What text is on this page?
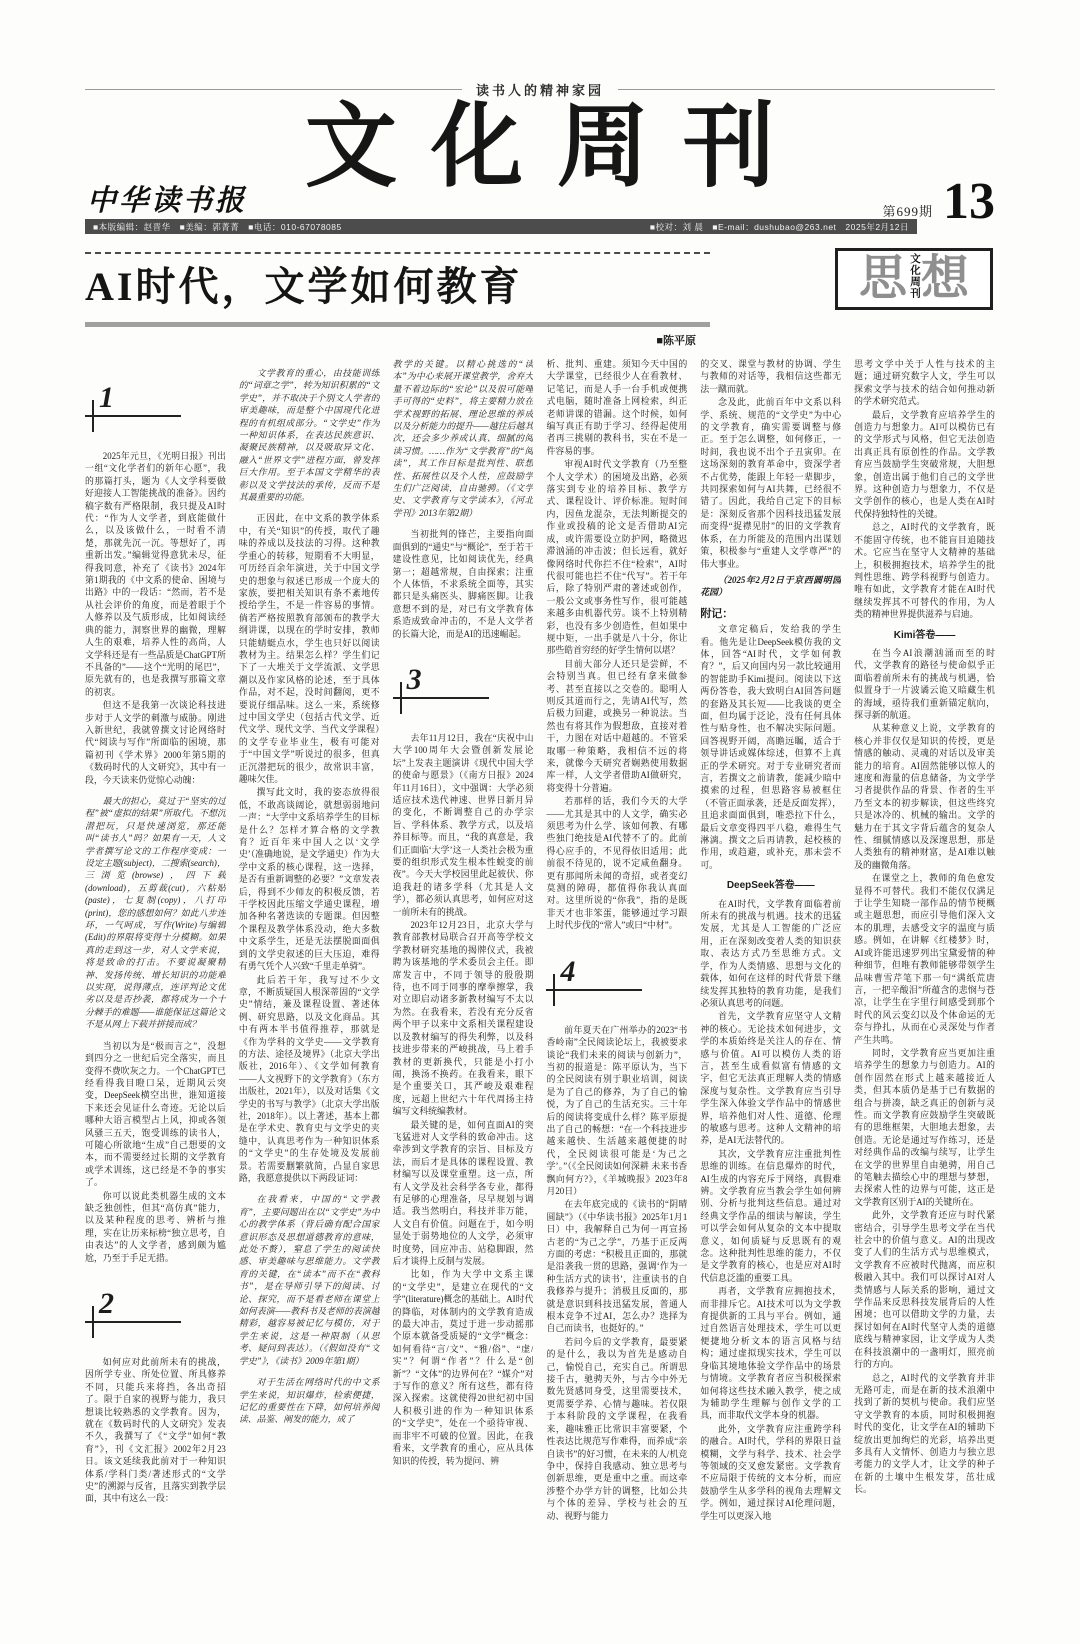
读书人的精神家园
文化周刊
中华读书报	第699期 13
■本版编辑：赵晋华　■美编：郭菁菁　■电话：010-67078085	■校对：刘 晨　■E-mail：dushubao@263.net　2025年2月12日
AI时代，文学如何教育
■陈平原
思 文化周刊 想
1
2025年元旦，《光明日报》刊出一组“文化学者们的新年心愿”，我的那篇打头，题为《人文学科要做好迎接人工智能挑战的准备》。因约稿字数有严格限制，我只提及AI时代：“作为人文学者，到底能做什么，以及该做什么，一时看不清楚，那就先沉一沉。等想好了，再重新出发。”编辑觉得意犹未尽，征得我同意，补充了《读书》2024年第1期我的《中文系的使命、困境与出路》中的一段话：“然而，若不是从社会评价的角度，而是着眼于个人修养以及气质形成，比如阅读经典的能力，洞察世界的幽微，理解人生的艰难，培养人性的高尚，人文学科还是有一些品质是ChatGPT所不具备的”——这个“光明的尾巴”，原先就有的，也是我撰写那篇文章的初衷。
但这不是我第一次谈论科技进步对于人文学的刺激与威胁。刚进入新世纪，我就曾撰文讨论网络时代“阅读与写作”所面临的困境，那篇初刊《学术界》2000年第5期的《数码时代的人文研究》，其中有一段，今天读来仍觉惊心动魄：
最大的担心，莫过于“坚实的过程”被“虚拟的结果”所取代。不想沉潜把玩，只是快速浏览，那还能叫“读书人”吗？如果有一天，人文学者撰写论文的工作程序变成：一设定主题(subject)，二搜索(search)，三浏览(browse)，四下载(download)，五剪裁(cut)，六粘贴(paste)，七复制(copy)，八打印(print)，您的感想如何？如此八步连环，一气呵成，写作(Write)与编辑(Edit)的界限将变得十分模糊。如果真的走到这一步，对人文学来说，将是致命的打击。不要说凝聚精神、发扬传统、增长知识的功能难以实现，说得薄点，连评判论文优劣以及是否抄袭，都将成为一个十分棘手的难题——谁能保证这篇论文不是从网上下载并拼接而成？
当初以为是“极而言之”，没想到四分之一世纪后完全落实，而且变得不费吹灰之力。一个ChatGPT已经看得我目瞪口呆，近期风云突变，DeepSeek横空出世，谁知道接下来还会见证什么奇迹。无论以后哪种大语言模型占上风，抑或各领风骚三五天，饱受训练的读书人，可随心所欲地“生成”自己想要的文本，而不需要经过长期的文学教育或学术训练，这已经是不争的事实了。
你可以说此类机器生成的文本缺乏独创性，但其“高仿真”能力，以及某种程度的思考、辨析与推理，实在让历来标榜“独立思考，自由表达”的人文学者，感到颇为尴尬，乃至于手足无措。
2
如何应对此前所未有的挑战，因所学专业、所处位置、所具修养不同，只能兵来将挡，各出奇招了。限于自家的视野与能力，我只想谈比较熟悉的文学教育。因为，就在《数码时代的人文研究》发表不久，我撰写了《“文学”如何“教育”》，刊《文汇报》2002年2月23日。该文延续我此前对于一种知识体系/学科门类/著述形式的“文学史”的溯源与反省，且落实到教学层面，其中有这么一段：
文学教育的重心，由技能训练的“词章之学”，转为知识积累的“文学史”，并不取决于个别文人学者的审美趣味，而是整个中国现代化进程的有机组成部分。“文学史”作为一种知识体系，在表达民族意识、凝聚民族精神，以及吸取异文化、融入“世界文学”进程方面，曾发挥巨大作用。至于本国文学精华的表彰以及文学技法的承传，反而不是其最重要的功能。
正因此，在中文系的教学体系中，有关“知识”的传授，取代了趣味的养成以及技法的习得。这种教学重心的转移，短期看不大明显，可历经百余年演进，关于中国文学史的想象与叙述已形成一个庞大的家族，要把相关知识有条不紊地传授给学生，不是一件容易的事情。倘若严格按照教育部颁布的教学大纲讲课，以现在的学时安排，教师只能蜻蜓点水，学生也只好以阅读教材为主。结果怎么样？学生们记下了一大堆关于文学流派、文学思潮以及作家风格的论述，至于具体作品，对不起，没时间翻阅，更不要说仔细品味。这么一来，系统修过中国文学史（包括古代文学、近代文学、现代文学、当代文学课程）的文学专业毕业生，极有可能对于“中国文学”听说过的很多，但真正沉潜把玩的很少，故常识丰富，趣味欠佳。
撰写此文时，我的姿态放得很低，不敢高谈阔论，就想弱弱地问一声：“大学中文系培养学生的目标是什么？怎样才算合格的文学教育？近百年来中国人之以‘文学史’（准确地说，是文学通史）作为大学中文系的核心课程，这一选择，是否有重新调整的必要？”文章发表后，得到不少师友的积极反馈，若干学校因此压缩文学通史课程，增加各种名著选读的专题课。但因整个课程及教学体系没动，绝大多数中文系学生，还是无法摆脱面面俱到的文学史叙述的巨大压迫，难得有勇气凭个人兴致“千里走单骑”。
此后若干年，我写过不少文章，不断质疑国人根深蒂固的“文学史”情结，兼及课程设置、著述体例、研究思路，以及文化商品。其中有两本半书值得推荐，那就是《作为学科的文学史——文学教育的方法、途径及境界》（北京大学出版社，2016年）、《文学如何教育——人文视野下的文学教育》（东方出版社，2021年），以及对话集《文学史的书写与教学》（北京大学出版社，2018年）。以上著述，基本上都是在学术史、教育史与文学史的夹缝中，认真思考作为一种知识体系的“文学史”的生存处境及发展前景。若需要删繁就简，凸显自家思路，我愿意提供以下两段证词：
在我看来，中国的“文学教育”，主要问题出在以“文学史”为中心的教学体系（背后确有配合国家意识形态及思想道德教育的意味，此处不赘），窒息了学生的阅读快感、审美趣味与思维能力。文学教育的关键，在“读本”而不在“教科书”，是在导师引导下的阅读、讨论、探究，而不是看老师在课堂上如何表演——教科书及老师的表演越精彩，越容易被记忆与模仿，对于学生来说，这是一种限制（从思考、疑问到表达）。（《假如没有“文学史”》，《读书》2009年第1期）
对于生活在网络时代的中文系学生来说，知识爆炸，检索便捷，记忆的重要性在下降，如何培养阅读、品鉴、阐发的能力，成了
教学的关键。以精心挑选的“读本”为中心来展开课堂教学，舍弃大量不着边际的“宏论”以及很可能唾手可得的“史料”，将主要精力放在学术视野的拓展、理论思维的养成以及分析能力的提升——越往后越其次，还会多少养成认真、细腻的阅读习惯。……作为“文学教育”的“阅读”，其工作目标是批判性、联想性、拓展性以及个人性，应鼓励学生们广泛阅读，自由驰骋。（《文学史、文学教育与文学读本》，《河北学刊》2013年第2期）
当初批判的锋芒，主要指向面面俱到的“通史”与“概论”，至于若干建设性意见，比如阅读优先，经典第一；超越常规，自由探索；注重个人体悟，不求系统全面等，其实都只是头痛医头、脚痛医脚。让我意想不到的是，对已有文学教育体系造成致命冲击的，不是人文学者的长篇大论，而是AI的迅速崛起。
3
去年11月12日，我在“庆祝中山大学100周年大会暨创新发展论坛”上发表主题演讲《现代中国大学的使命与愿景》（《南方日报》2024年11月16日），文中强调：大学必须适应技术迭代神速、世界日新月异的变化，不断调整自己的办学宗旨、学科体系、教学方式，以及培养目标等。而且，“我的真意是，我们正面临‘大学’这一人类社会极为重要的组织形式发生根本性蜕变的前夜”。今天大学校园里此起彼伏、你追我赶的诸多学科（尤其是人文学），都必须认真思考，如何应对这一前所未有的挑战。
2023年12月23日，北京大学与教育部教材局联合召开高等学校文学教材研究基地的揭牌仪式，我被聘为该基地的学术委员会主任。即席发言中，不同于领导的殷殷期待，也不同于同事的摩拳擦掌，我对立即启动诸多新教材编写不太以为然。在我看来，若没有充分反省两个甲子以来中文系相关课程建设以及教材编写的得失利弊，以及科技进步带来的严峻挑战，马上着手教材的更新换代，只能是小打小闹，换汤不换药。在我看来，眼下是个重要关口，其严峻及艰难程度，远超上世纪六十年代周扬主持编写文科统编教材。
最关键的是，如何直面AI的突飞猛进对人文学科的致命冲击。这牵涉到文学教育的宗旨、目标及方法，而后才是具体的课程设置、教材编写以及课堂重塑。这一点，所有人文学及社会科学各专业，都得有足够的心理准备，尽早规划与调适。我当然明白，科技并非万能，人文自有价值。问题在于，如今明显处于弱势地位的人文学，必须审时度势，回应冲击、站稳脚跟，然后才谈得上反制与发展。
比如，作为大学中文系主课的“文学史”，是建立在现代的“文学”(literature)概念的基础上。AI时代的降临，对体制内的文学教育造成的最大冲击，莫过于进一步动摇那个原本就备受质疑的“文学”概念：如何看待“言/文”、“雅/俗”、“虚/实”？何谓“作者”？什么是“创新”？“文体”的边界何在？“媒介”对于写作的意义？所有这些，都有待深入探索。这就使得20世纪初中国人积极引进的作为一种知识体系的“文学史”，处在一个亟待审视、而非牢不可破的位置。因此，在我看来，文学教育的重心，应从具体知识的传授，转为提问、辨
析、批判、重建。须知今天中国的大学课堂，已经很少人在看教材、记笔记，而是人手一台手机或便携式电脑，随时准备上网检索，纠正老师讲课的错漏。这个时候，如何编写真正有助于学习、经得起使用者再三挑剔的教科书，实在不是一件容易的事。
审视AI时代文学教育（乃至整个人文学术）的困境及出路，必须落实到专业的培养目标、教学方式、课程设计、评价标准。短时间内，因鱼龙混杂，无法判断提交的作业或投稿的论文是否借助AI完成，或许需要设立防护网，略微迟滞汹涌的冲击波；但长远看，就好像网络时代你拦不住“检索”，AI时代很可能也拦不住“代写”。若干年后，除了特别严肃的著述或创作，一般公文或事务性写作，很可能越来越多由机器代劳。谈不上特别精彩，也没有多少创造性，但如果中规中矩，一出手就是八十分，你让那些皓首穷经的好学生情何以堪？
目前大部分人还只是尝鲜，不会特别当真。但已经有拿来做参考、甚至直接以之交卷的。聪明人则反其道而行之，先请AI代写，然后极力回避，或换另一种说法。当然也有将其作为假想敌，直接对着干，力图在对话中超越的。不管采取哪一种策略，我相信不远的将来，就像今天研究者娴熟使用数据库一样，人文学者借助AI做研究，将变得十分普遍。
若那样的话，我们今天的大学——尤其是其中的人文学，确实必须思考为什么学、该如何教、有哪些独门绝技是AI代替不了的。此前得心应手的，不见得依旧适用；此前很不待见的，说不定咸鱼翻身。更有那闻所未闻的奇招，或者变幻莫测的障碍，都值得你我认真面对。这里所说的“你我”，指的是既非天才也非笨蛋，能够通过学习跟上时代步伐的“常人”或曰“中材”。
4
前年夏天在广州举办的2023“书香岭南”全民阅读论坛上，我被要求谈论“我们未来的阅读与创新力”，当初的报道是：陈平原认为，当下的全民阅读有别于职业培训，阅读是为了自己的修养，为了自己的愉悦，为了自己的生活充实。三十年后的阅读将变成什么样？陈平原提出了自己的畅想：“在一个科技进步越来越快、生活越来越便捷的时代，全民阅读很可能是‘为己之学’。”（《全民阅读如何深耕 未来书香飘向何方?》，《羊城晚报》2023年8月20日）
在去年底完成的《读书的“阴晴圆缺”》（《中华读书报》2025年1月1日）中，我解释自己为何一再宣扬古老的“为己之学”，乃基于正反两方面的考虑：“积极且正面的，那就是沿袭我一贯的思路，强调‘作为一种生活方式的读书’，注重读书的自我修养与提升；消极且反面的，那就是意识到科技迅猛发展，普通人根本竞争不过AI，怎么办？选择为自己而读书，也挺好的。”
若问今后的文学教育，最要紧的是什么，我以为首先是感动自己，愉悦自己，充实自己。所谓思接千古，驰骋天外，与古今中外无数先贤感同身受，这里需要技术，更需要学养、心情与趣味。若仅限于本科阶段的文学课程，在我看来，趣味雅正比常识丰富要紧，个性表达比规范写作难得，而养成“亲自读书”的好习惯，在未来的人/机竞争中，保持自我感动、独立思考与创新思维，更是重中之重。而这牵涉整个办学方针的调整，比如公共与个体的差异、学校与社会的互动、视野与能力
的交叉、课堂与教材的协调、学生与教师的对话等，我相信这些都无法一蹴而就。
念及此，此前百年中文系以科学、系统、规范的“文学史”为中心的文学教育，确实需要调整与修正。至于怎么调整，如何修正，一时间，我也说不出个子丑寅卯。在这场深刻的教育革命中，资深学者不占优势，能跟上年轻一辈脚步，共同探索如何与AI共舞，已经很不错了。因此，我给自己定下的目标是：深刻反省那个因科技迅猛发展而变得“捉襟见肘”的旧的文学教育体系，在力所能及的范围内出谋划策，积极参与“重建人文学尊严”的伟大事业。
（2025年2月2日于京西圆明园花园）
附记：
文章定稿后，发给我的学生看。他先是让DeepSeek模仿我的文体，回答“AI时代，文学如何教育？”，后又向国内另一款比较通用的智能助手Kimi提问。阅读以下这两份答卷，我大致明白AI回答问题的套路及其长短——比我谈的更全面，但均属于泛论，没有任何具体性与贴身性，也不解决实际问题。回答视野开阔，高瞻远瞩，适合于领导讲话或媒体综述，但算不上真正的学术研究。对于专业研究者而言，若撰文之前请教，能减少暗中摸索的过程，但思路容易被框住（不管正面承袭，还是反面发挥），且追求面面俱到，唯恐拉下什么，最后文章变得四平八稳，难得生气淋漓。撰文之后再请教，起校核的作用，或趋避，或补充，那未尝不可。
DeepSeek答卷——
在AI时代，文学教育面临着前所未有的挑战与机遇。技术的迅猛发展，尤其是人工智能的广泛应用，正在深刻改变着人类的知识获取、表达方式乃至思维方式。文学，作为人类情感、思想与文化的载体，如何在这样的时代背景下继续发挥其独特的教育功能，是我们必须认真思考的问题。
首先，文学教育应坚守人文精神的核心。无论技术如何进步，文学的本质始终是关注人的存在、情感与价值。AI可以模仿人类的语言，甚至生成看似富有情感的文字，但它无法真正理解人类的情感深度与复杂性。文学教育应当引导学生深入体验文学作品中的情感世界，培养他们对人性、道德、伦理的敏感与思考。这种人文精神的培养，是AI无法替代的。
其次，文学教育应注重批判性思维的训练。在信息爆炸的时代，AI生成的内容充斥于网络，真假难辨。文学教育应当教会学生如何辨别、分析与批判这些信息。通过对经典文学作品的细读与解读，学生可以学会如何从复杂的文本中提取意义，如何质疑与反思既有的观念。这种批判性思维的能力，不仅是文学教育的核心，也是应对AI时代信息泛滥的重要工具。
再者，文学教育应拥抱技术，而非排斥它。AI技术可以为文学教育提供新的工具与平台。例如，通过自然语言处理技术，学生可以更便捷地分析文本的语言风格与结构；通过虚拟现实技术，学生可以身临其境地体验文学作品中的场景与情境。文学教育者应当积极探索如何将这些技术融入教学，使之成为辅助学生理解与创作文学的工具，而非取代文学本身的机器。
此外，文学教育应注重跨学科的融合。AI时代，学科的界限日益模糊，文学与科学、技术、社会学等领域的交叉愈发紧密。文学教育不应局限于传统的文本分析，而应鼓励学生从多学科的视角去理解文学。例如，通过探讨AI伦理问题，学生可以更深入地
思考文学中关于人性与技术的主题；通过研究数字人文，学生可以探索文学与技术的结合如何推动新的学术研究范式。
最后，文学教育应培养学生的创造力与想象力。AI可以模仿已有的文学形式与风格，但它无法创造出真正具有原创性的作品。文学教育应当鼓励学生突破常规，大胆想象，创造出属于他们自己的文学世界。这种创造力与想象力，不仅是文学创作的核心，也是人类在AI时代保持独特性的关键。
总之，AI时代的文学教育，既不能固守传统，也不能盲目追随技术。它应当在坚守人文精神的基础上，积极拥抱技术，培养学生的批判性思维、跨学科视野与创造力。唯有如此，文学教育才能在AI时代继续发挥其不可替代的作用，为人类的精神世界提供滋养与启迪。
Kimi答卷——
在当今AI浪潮汹涌而至的时代，文学教育的路径与使命似乎正面临着前所未有的挑战与机遇，恰似置身于一片波谲云诡又暗藏生机的海域，亟待我们重新锚定航向，探寻新的航道。
从某种意义上说，文学教育的核心并非仅仅是知识的传授，更是情感的触动、灵魂的对话以及审美能力的培育。AI固然能够以惊人的速度和海量的信息储备，为文学学习者提供作品的背景、作者的生平乃至文本的初步解读，但这些终究只是冰冷的、机械的输出。文学的魅力在于其文字背后蕴含的复杂人性、细腻情感以及深邃思想，那是人类独有的精神财富，是AI难以触及的幽微角落。
在课堂之上，教师的角色愈发显得不可替代。我们不能仅仅满足于让学生知晓一部作品的情节梗概或主题思想，而应引导他们深入文本的肌理，去感受文字的温度与质感。例如，在讲解《红楼梦》时，AI或许能迅速罗列出宝黛爱情的种种细节，但唯有教师能够带领学生品味曹雪芹笔下那一句“满纸荒唐言，一把辛酸泪”所蕴含的悲悯与苍凉，让学生在字里行间感受到那个时代的风云变幻以及个体命运的无奈与挣扎，从而在心灵深处与作者产生共鸣。
同时，文学教育应当更加注重培养学生的想象力与创造力。AI的创作固然在形式上越来越接近人类，但其本质仍是基于已有数据的组合与拼凑，缺乏真正的创新与灵性。而文学教育应鼓励学生突破既有的思维框架，大胆地去想象，去创造。无论是通过写作练习，还是对经典作品的改编与续写，让学生在文学的世界里自由驰骋，用自己的笔触去描绘心中的理想与梦想，去探索人性的边界与可能，这正是文学教育区别于AI的关键所在。
此外，文学教育还应与时代紧密结合，引导学生思考文学在当代社会中的价值与意义。AI的出现改变了人们的生活方式与思维模式，文学教育不应被时代抛离，而应积极融入其中。我们可以探讨AI对人类情感与人际关系的影响，通过文学作品来反思科技发展背后的人性困境；也可以借助文学的力量，去探讨如何在AI时代坚守人类的道德底线与精神家园，让文学成为人类在科技浪潮中的一盏明灯，照亮前行的方向。
总之，AI时代的文学教育并非无路可走，而是在新的技术浪潮中找到了新的契机与使命。我们应坚守文学教育的本质，同时积极拥抱时代的变化，让文学在AI的辅助下绽放出更加绚烂的光彩，培养出更多具有人文情怀、创造力与独立思考能力的文学人才，让文学的种子在新的土壤中生根发芽，茁壮成长。
